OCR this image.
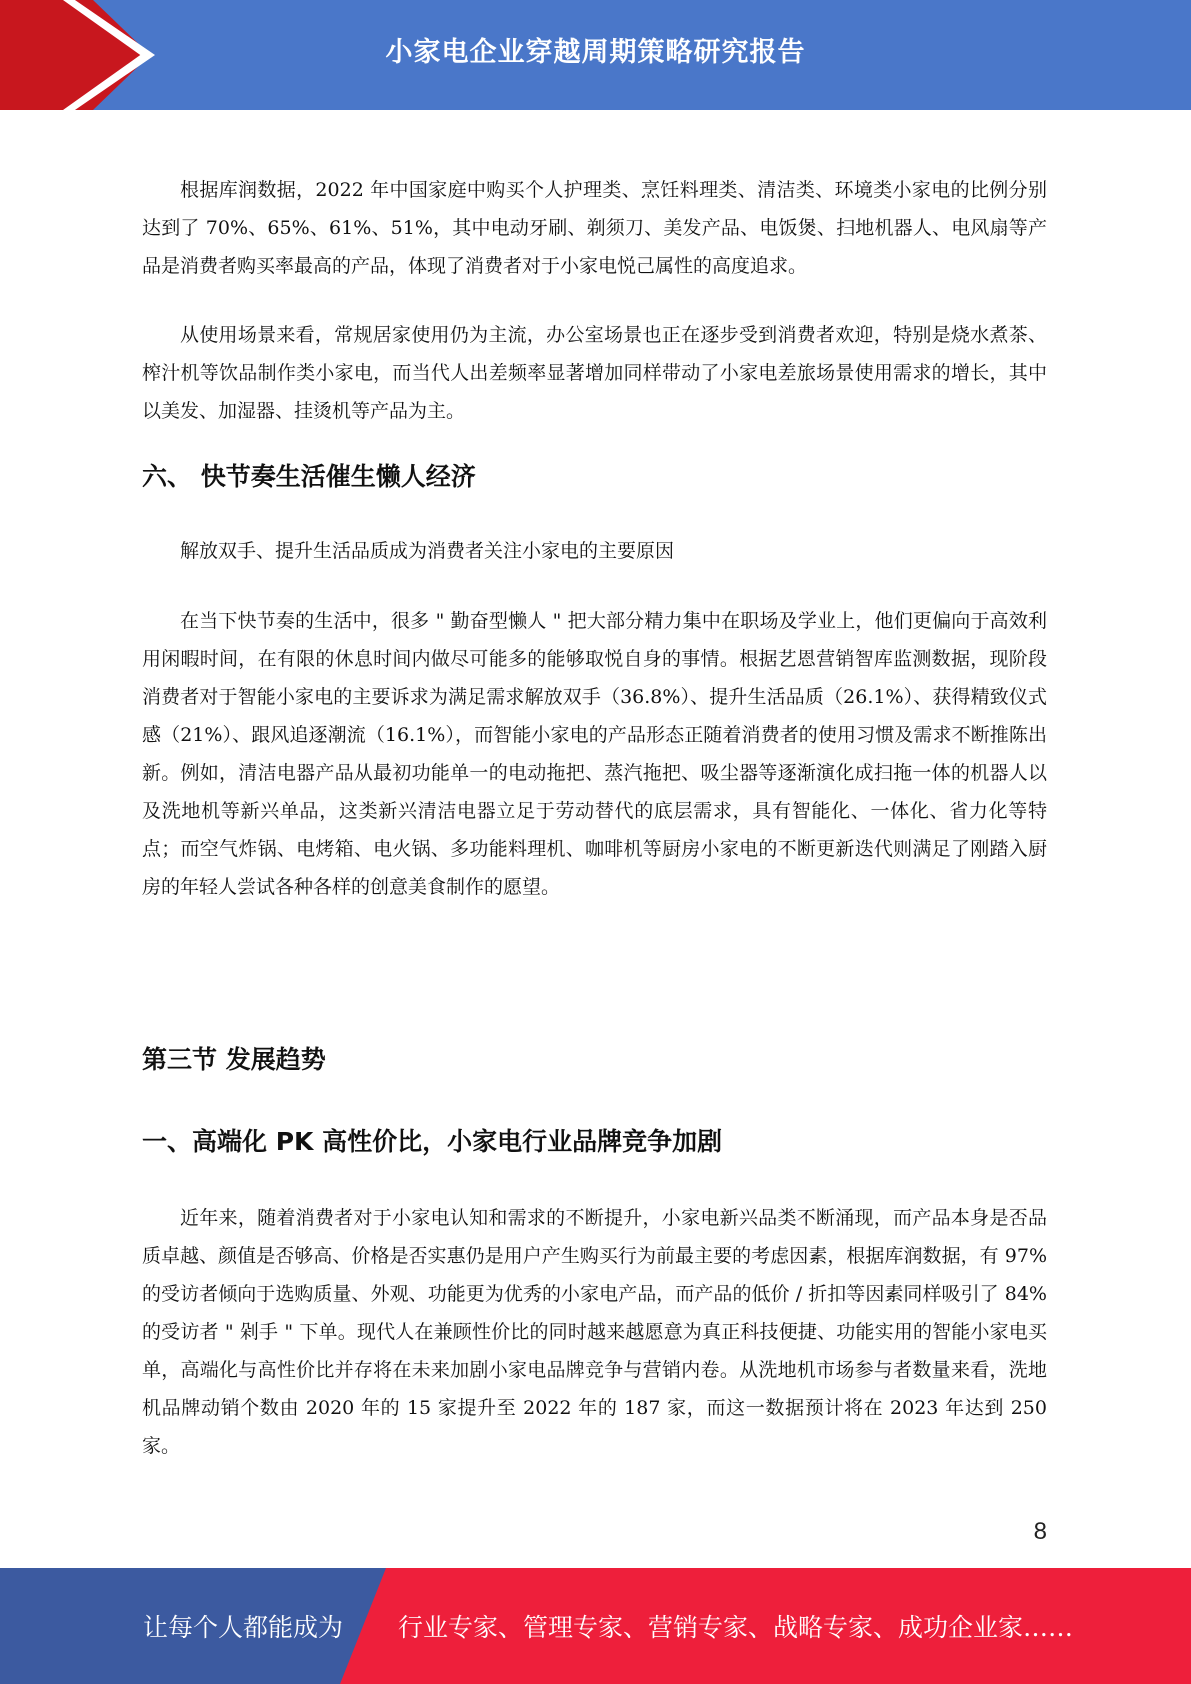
小家电企业穿越周期策略研究报告

根据库润数据，2022 年中国家庭中购买个人护理类、烹饪料理类、清洁类、环境类小家电的比例分别达到了 70%、65%、61%、51%，其中电动牙刷、剃须刀、美发产品、电饭煲、扫地机器人、电风扇等产品是消费者购买率最高的产品，体现了消费者对于小家电悦己属性的高度追求。

从使用场景来看，常规居家使用仍为主流，办公室场景也正在逐步受到消费者欢迎，特别是烧水煮茶、榨汁机等饮品制作类小家电，而当代人出差频率显著增加同样带动了小家电差旅场景使用需求的增长，其中以美发、加湿器、挂烫机等产品为主。

六、 快节奏生活催生懒人经济

解放双手、提升生活品质成为消费者关注小家电的主要原因

在当下快节奏的生活中，很多 " 勤奋型懒人 " 把大部分精力集中在职场及学业上，他们更偏向于高效利用闲暇时间，在有限的休息时间内做尽可能多的能够取悦自身的事情。根据艺恩营销智库监测数据，现阶段消费者对于智能小家电的主要诉求为满足需求解放双手（36.8%）、提升生活品质（26.1%）、获得精致仪式感（21%）、跟风追逐潮流（16.1%），而智能小家电的产品形态正随着消费者的使用习惯及需求不断推陈出新。例如，清洁电器产品从最初功能单一的电动拖把、蒸汽拖把、吸尘器等逐渐演化成扫拖一体的机器人以及洗地机等新兴单品，这类新兴清洁电器立足于劳动替代的底层需求，具有智能化、一体化、省力化等特点；而空气炸锅、电烤箱、电火锅、多功能料理机、咖啡机等厨房小家电的不断更新迭代则满足了刚踏入厨房的年轻人尝试各种各样的创意美食制作的愿望。

第三节 发展趋势
一、高端化 PK 高性价比，小家电行业品牌竞争加剧

近年来，随着消费者对于小家电认知和需求的不断提升，小家电新兴品类不断涌现，而产品本身是否品质卓越、颜值是否够高、价格是否实惠仍是用户产生购买行为前最主要的考虑因素，根据库润数据，有 97% 的受访者倾向于选购质量、外观、功能更为优秀的小家电产品，而产品的低价 / 折扣等因素同样吸引了 84% 的受访者 " 剁手 " 下单。现代人在兼顾性价比的同时越来越愿意为真正科技便捷、功能实用的智能小家电买单，高端化与高性价比并存将在未来加剧小家电品牌竞争与营销内卷。从洗地机市场参与者数量来看，洗地机品牌动销个数由 2020 年的 15 家提升至 2022 年的 187 家，而这一数据预计将在 2023 年达到 250 家。

8
让每个人都能成为 行业专家、管理专家、营销专家、战略专家、成功企业家……
